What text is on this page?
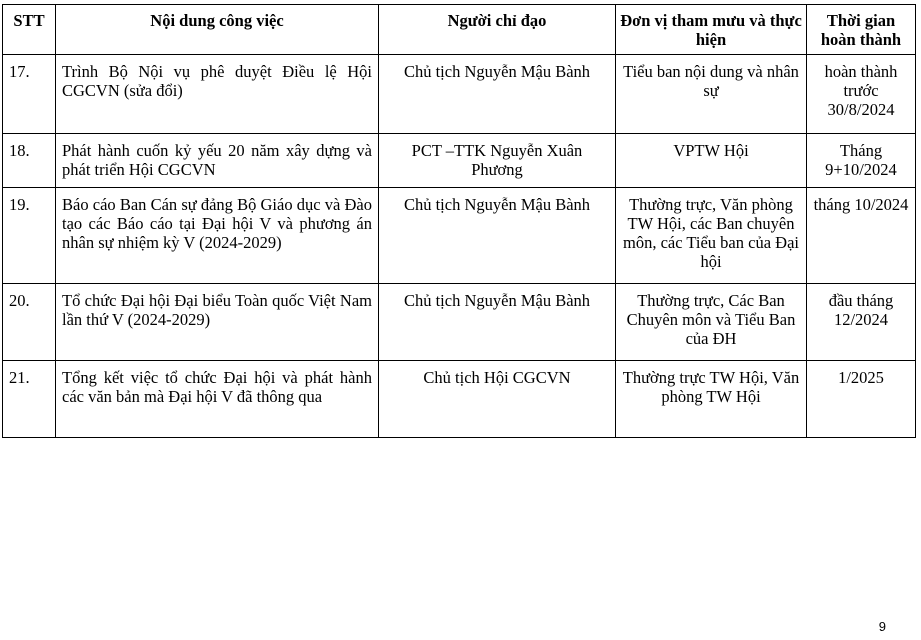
STT	Nội dung công việc	Người chỉ đạo	Đơn vị tham mưu và thực hiện	Thời gian hoàn thành
17.	Trình Bộ Nội vụ phê duyệt Điều lệ Hội CGCVN (sửa đổi)	Chủ tịch Nguyễn Mậu Bành	Tiểu ban nội dung và nhân sự	hoàn thành trước 30/8/2024
18.	Phát hành cuốn kỷ yếu 20 năm xây dựng và phát triển Hội CGCVN	PCT –TTK Nguyễn Xuân Phương	VPTW Hội	Tháng 9+10/2024
19.	Báo cáo Ban Cán sự đảng Bộ Giáo dục và Đào tạo các Báo cáo tại Đại hội V và phương án nhân sự nhiệm kỳ V (2024-2029)	Chủ tịch Nguyễn Mậu Bành	Thường trực, Văn phòng TW Hội, các Ban chuyên môn, các Tiểu ban của Đại hội	tháng 10/2024
20.	Tổ chức Đại hội Đại biểu Toàn quốc Việt Nam lần thứ V (2024-2029)	Chủ tịch Nguyễn Mậu Bành	Thường trực, Các Ban Chuyên môn và Tiểu Ban của ĐH	đầu tháng 12/2024
21.	Tổng kết việc tổ chức Đại hội và phát hành các văn bản mà Đại hội V đã thông qua	Chủ tịch Hội CGCVN	Thường trực TW Hội, Văn phòng TW Hội	1/2025
9
